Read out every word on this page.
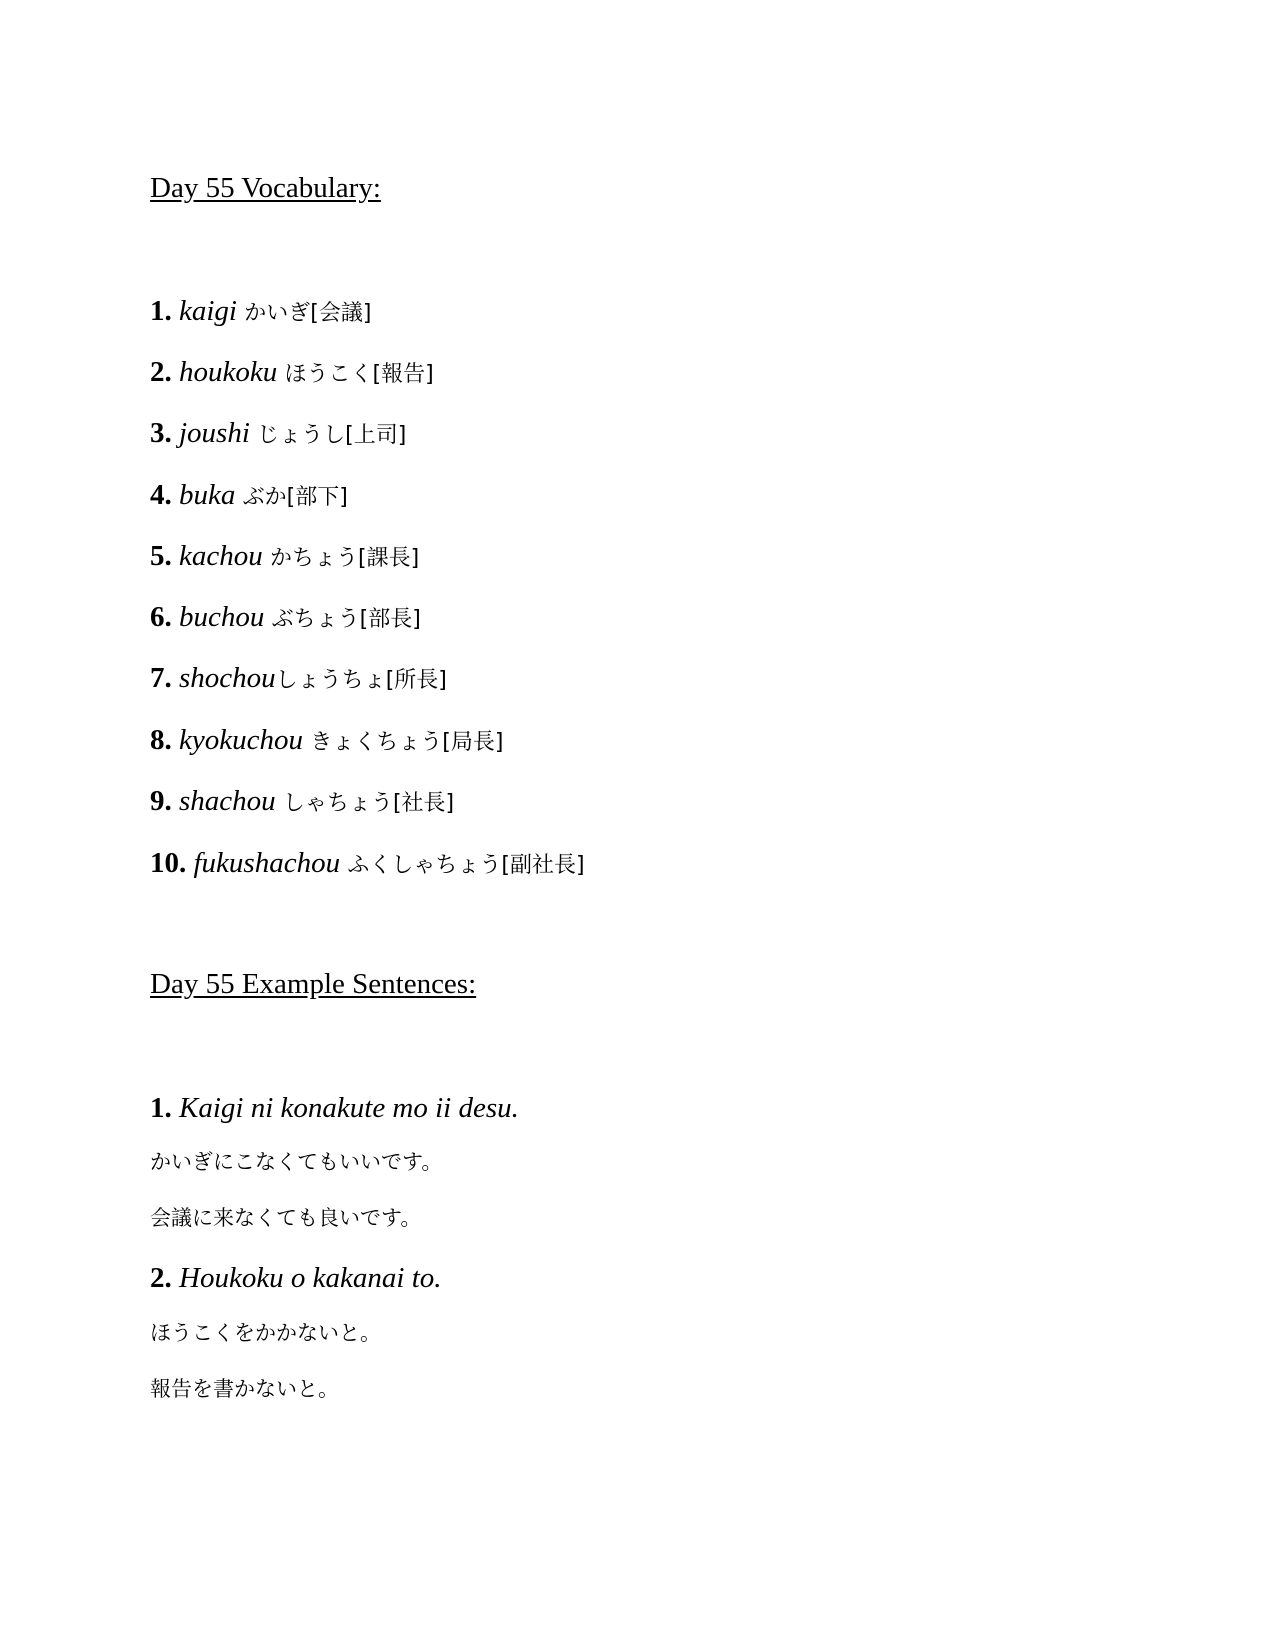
Day 55 Vocabulary:
1. kaigi かいぎ[会議]
2. houkoku ほうこく[報告]
3. joushi じょうし[上司]
4. buka ぶか[部下]
5. kachou かちょう[課長]
6. buchou ぶちょう[部長]
7. shochouしょうちょ[所長]
8. kyokuchou きょくちょう[局長]
9. shachou しゃちょう[社長]
10. fukushachou ふくしゃちょう[副社長]
Day 55 Example Sentences:
1. Kaigi ni konakute mo ii desu.
かいぎにこなくてもいいです。
会議に来なくても良いです。
2. Houkoku o kakanai to.
ほうこくをかかないと。
報告を書かないと。
